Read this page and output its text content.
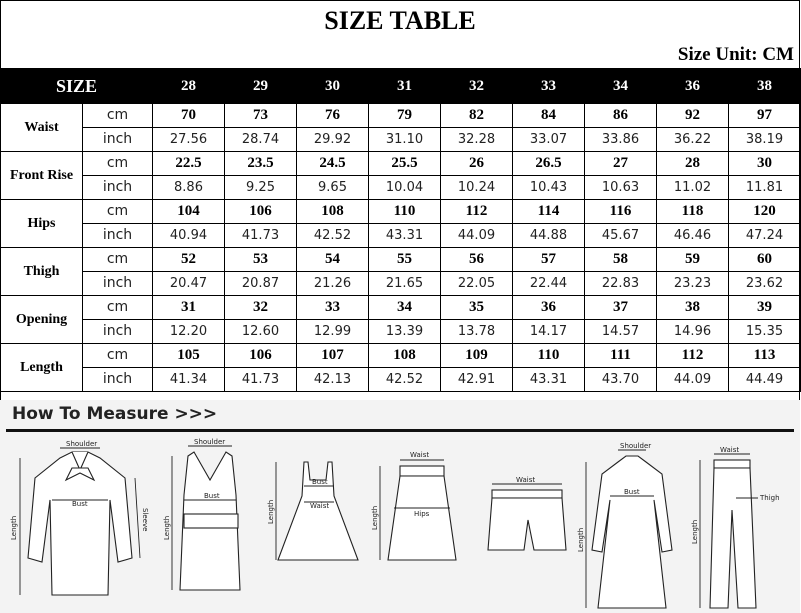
SIZE TABLE
Size Unit: CM
SIZE		28	29	30	31	32	33	34	36	38
Waist	cm	70	73	76	79	82	84	86	92	97
	inch	27.56	28.74	29.92	31.10	32.28	33.07	33.86	36.22	38.19
Front Rise	cm	22.5	23.5	24.5	25.5	26	26.5	27	28	30
	inch	8.86	9.25	9.65	10.04	10.24	10.43	10.63	11.02	11.81
Hips	cm	104	106	108	110	112	114	116	118	120
	inch	40.94	41.73	42.52	43.31	44.09	44.88	45.67	46.46	47.24
Thigh	cm	52	53	54	55	56	57	58	59	60
	inch	20.47	20.87	21.26	21.65	22.05	22.44	22.83	23.23	23.62
Opening	cm	31	32	33	34	35	36	37	38	39
	inch	12.20	12.60	12.99	13.39	13.78	14.17	14.57	14.96	15.35
Length	cm	105	106	107	108	109	110	111	112	113
	inch	41.34	41.73	42.13	42.52	42.91	43.31	43.70	44.09	44.49
How To Measure >>>
Shoulder
Bust
Length	Sleeve
Shoulder
Bust
Length
Bust
Waist
Length
Waist
Hips
Length
Waist
Shoulder
Bust
Length
Waist
Thigh
Length
